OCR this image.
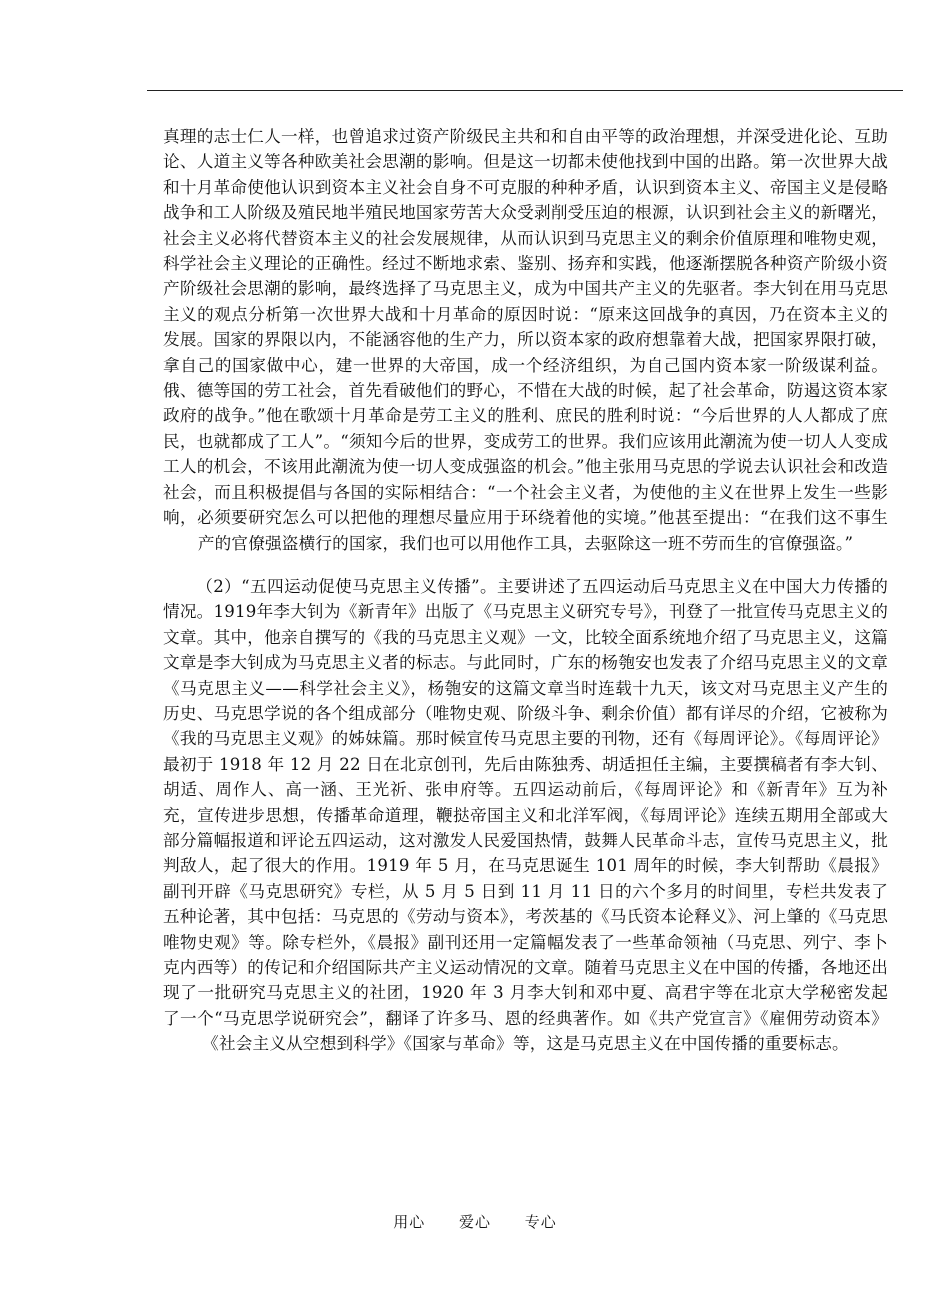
真理的志士仁人一样，也曾追求过资产阶级民主共和和自由平等的政治理想，并深受进化论、互助论、人道主义等各种欧美社会思潮的影响。但是这一切都未使他找到中国的出路。第一次世界大战和十月革命使他认识到资本主义社会自身不可克服的种种矛盾，认识到资本主义、帝国主义是侵略战争和工人阶级及殖民地半殖民地国家劳苦大众受剥削受压迫的根源，认识到社会主义的新曙光，社会主义必将代替资本主义的社会发展规律，从而认识到马克思主义的剩余价值原理和唯物史观，科学社会主义理论的正确性。经过不断地求索、鉴别、扬弃和实践，他逐渐摆脱各种资产阶级小资产阶级社会思潮的影响，最终选择了马克思主义，成为中国共产主义的先驱者。李大钊在用马克思主义的观点分析第一次世界大战和十月革命的原因时说：“原来这回战争的真因，乃在资本主义的发展。国家的界限以内，不能涵容他的生产力，所以资本家的政府想靠着大战，把国家界限打破，拿自己的国家做中心，建一世界的大帝国，成一个经济组织，为自己国内资本家一阶级谋利益。俄、德等国的劳工社会，首先看破他们的野心，不惜在大战的时候，起了社会革命，防遏这资本家政府的战争。”他在歌颂十月革命是劳工主义的胜利、庶民的胜利时说：“今后世界的人人都成了庶民，也就都成了工人”。“须知今后的世界，变成劳工的世界。我们应该用此潮流为使一切人人变成工人的机会，不该用此潮流为使一切人变成强盗的机会。”他主张用马克思的学说去认识社会和改造社会，而且积极提倡与各国的实际相结合：“一个社会主义者，为使他的主义在世界上发生一些影响，必须要研究怎么可以把他的理想尽量应用于环绕着他的实境。”他甚至提出：“在我们这不事生产的官僚强盗横行的国家，我们也可以用他作工具，去驱除这一班不劳而生的官僚强盗。”

（2）“五四运动促使马克思主义传播”。主要讲述了五四运动后马克思主义在中国大力传播的情况。1919年李大钊为《新青年》出版了《马克思主义研究专号》，刊登了一批宣传马克思主义的文章。其中，他亲自撰写的《我的马克思主义观》一文，比较全面系统地介绍了马克思主义，这篇文章是李大钊成为马克思主义者的标志。与此同时，广东的杨匏安也发表了介绍马克思主义的文章《马克思主义——科学社会主义》，杨匏安的这篇文章当时连载十九天，该文对马克思主义产生的历史、马克思学说的各个组成部分（唯物史观、阶级斗争、剩余价值）都有详尽的介绍，它被称为《我的马克思主义观》的姊妹篇。那时候宣传马克思主要的刊物，还有《每周评论》。《每周评论》最初于 1918 年 12 月 22 日在北京创刊，先后由陈独秀、胡适担任主编，主要撰稿者有李大钊、胡适、周作人、高一涵、王光祈、张申府等。五四运动前后，《每周评论》和《新青年》互为补充，宣传进步思想，传播革命道理，鞭挞帝国主义和北洋军阀，《每周评论》连续五期用全部或大部分篇幅报道和评论五四运动，这对激发人民爱国热情，鼓舞人民革命斗志，宣传马克思主义，批判敌人，起了很大的作用。1919 年 5 月，在马克思诞生 101 周年的时候，李大钊帮助《晨报》副刊开辟《马克思研究》专栏，从 5 月 5 日到 11 月 11 日的六个多月的时间里，专栏共发表了五种论著，其中包括：马克思的《劳动与资本》，考茨基的《马氏资本论释义》、河上肇的《马克思唯物史观》等。除专栏外，《晨报》副刊还用一定篇幅发表了一些革命领袖（马克思、列宁、李卜克内西等）的传记和介绍国际共产主义运动情况的文章。随着马克思主义在中国的传播，各地还出现了一批研究马克思主义的社团，1920 年 3 月李大钊和邓中夏、高君宇等在北京大学秘密发起了一个“马克思学说研究会”，翻译了许多马、恩的经典著作。如《共产党宣言》《雇佣劳动资本》《社会主义从空想到科学》《国家与革命》等，这是马克思主义在中国传播的重要标志。

用心 爱心 专心
